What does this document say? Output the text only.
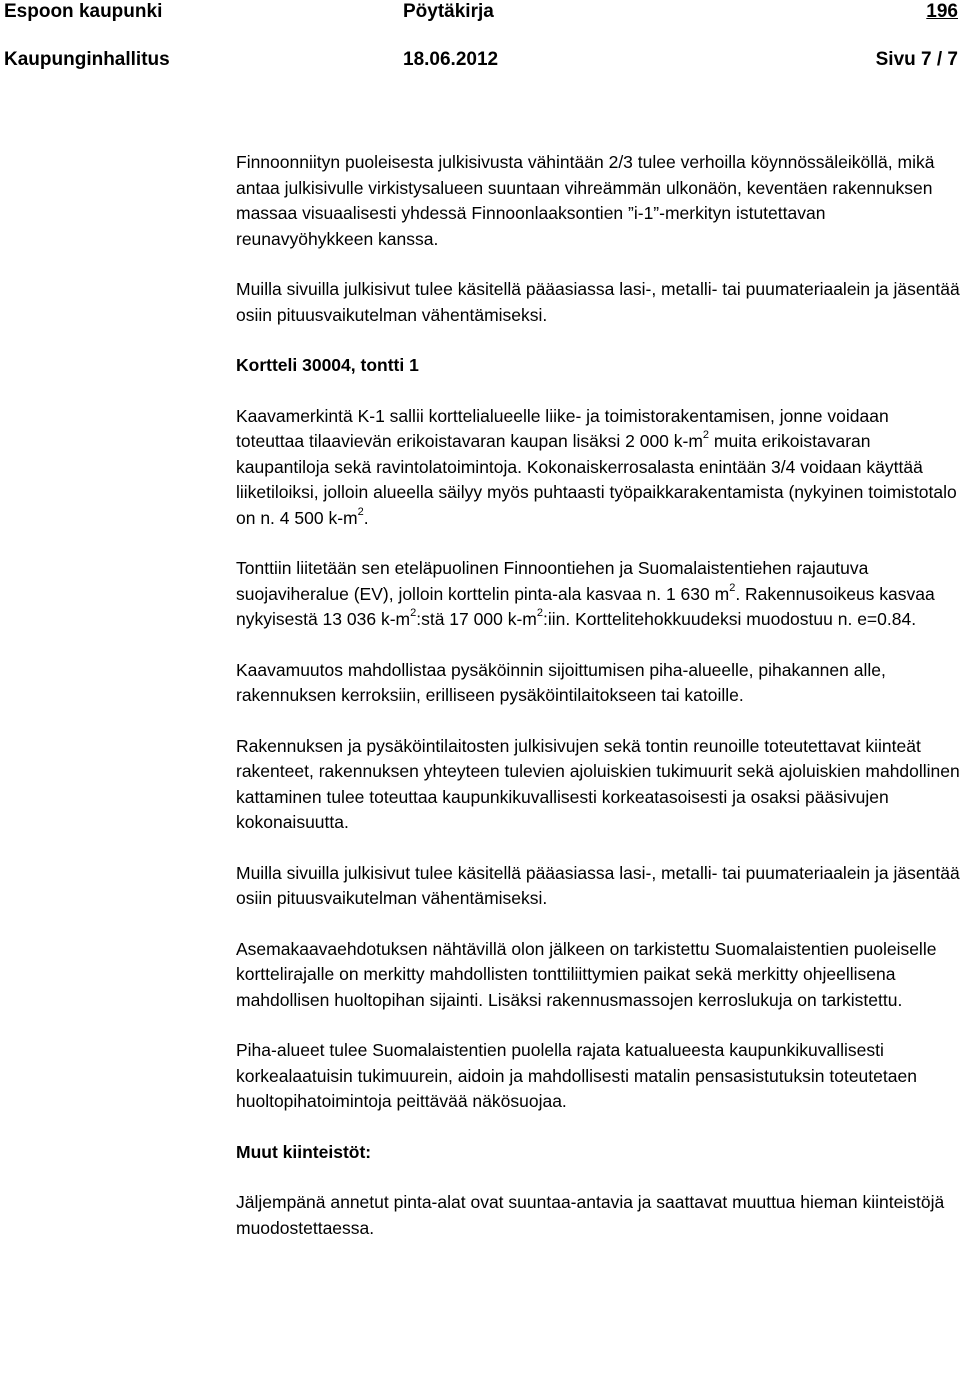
Espoon kaupunki	Pöytäkirja	196
Kaupunginhallitus	18.06.2012	Sivu 7 / 7

Finnoonniityn puoleisesta julkisivusta vähintään 2/3 tulee verhoilla köynnössäleiköllä, mikä antaa julkisivulle virkistysalueen suuntaan vihreämmän ulkonäön, keventäen rakennuksen massaa visuaalisesti yhdessä Finnoonlaaksontien ”i-1”-merkityn istutettavan reunavyöhykkeen kanssa.

Muilla sivuilla julkisivut tulee käsitellä pääasiassa lasi-, metalli- tai puumateriaalein ja jäsentää osiin pituusvaikutelman vähentämiseksi.

Kortteli 30004, tontti 1

Kaavamerkintä K-1 sallii korttelialueelle liike- ja toimistorakentamisen, jonne voidaan toteuttaa tilaavievän erikoistavaran kaupan lisäksi 2 000 $k-m^2$ muita erikoistavaran kaupantiloja sekä ravintolatoimintoja. Kokonaiskerrosalasta enintään 3/4 voidaan käyttää liiketiloiksi, jolloin alueella säilyy myös puhtaasti työpaikkarakentamista (nykyinen toimistotalo on n. 4 500 $k-m^2$.

Tonttiin liitetään sen eteläpuolinen Finnoontiehen ja Suomalaistentiehen rajautuva suojaviheralue (EV), jolloin korttelin pinta-ala kasvaa n. 1 630 $m^2$. Rakennusoikeus kasvaa nykyisestä 13 036 $k-m^2:stä$ 17 000 $k-m^2:iin$. Korttelitehokkuudeksi muodostuu n. e=0.84.

Kaavamuutos mahdollistaa pysäköinnin sijoittumisen piha-alueelle, pihakannen alle, rakennuksen kerroksiin, erilliseen pysäköintilaitokseen tai katoille.

Rakennuksen ja pysäköintilaitosten julkisivujen sekä tontin reunoille toteutettavat kiinteät rakenteet, rakennuksen yhteyteen tulevien ajoluiskien tukimuurit sekä ajoluiskien mahdollinen kattaminen tulee toteuttaa kaupunkikuvallisesti korkeatasoisesti ja osaksi pääsivujen kokonaisuutta.

Muilla sivuilla julkisivut tulee käsitellä pääasiassa lasi-, metalli- tai puumateriaalein ja jäsentää osiin pituusvaikutelman vähentämiseksi.

Asemakaavaehdotuksen nähtävillä olon jälkeen on tarkistettu Suomalaistentien puoleiselle korttelirajalle on merkitty mahdollisten tonttiliittymien paikat sekä merkitty ohjeellisena mahdollisen huoltopihan sijainti. Lisäksi rakennusmassojen kerroslukuja on tarkistettu.

Piha-alueet tulee Suomalaistentien puolella rajata katualueesta kaupunkikuvallisesti korkealaatuisin tukimuurein, aidoin ja mahdollisesti matalin pensasistutuksin toteutetaen huoltopihatoimintoja peittävää näkösuojaa.

Muut kiinteistöt:

Jäljempänä annetut pinta-alat ovat suuntaa-antavia ja saattavat muuttua hieman kiinteistöjä muodostettaessa.
